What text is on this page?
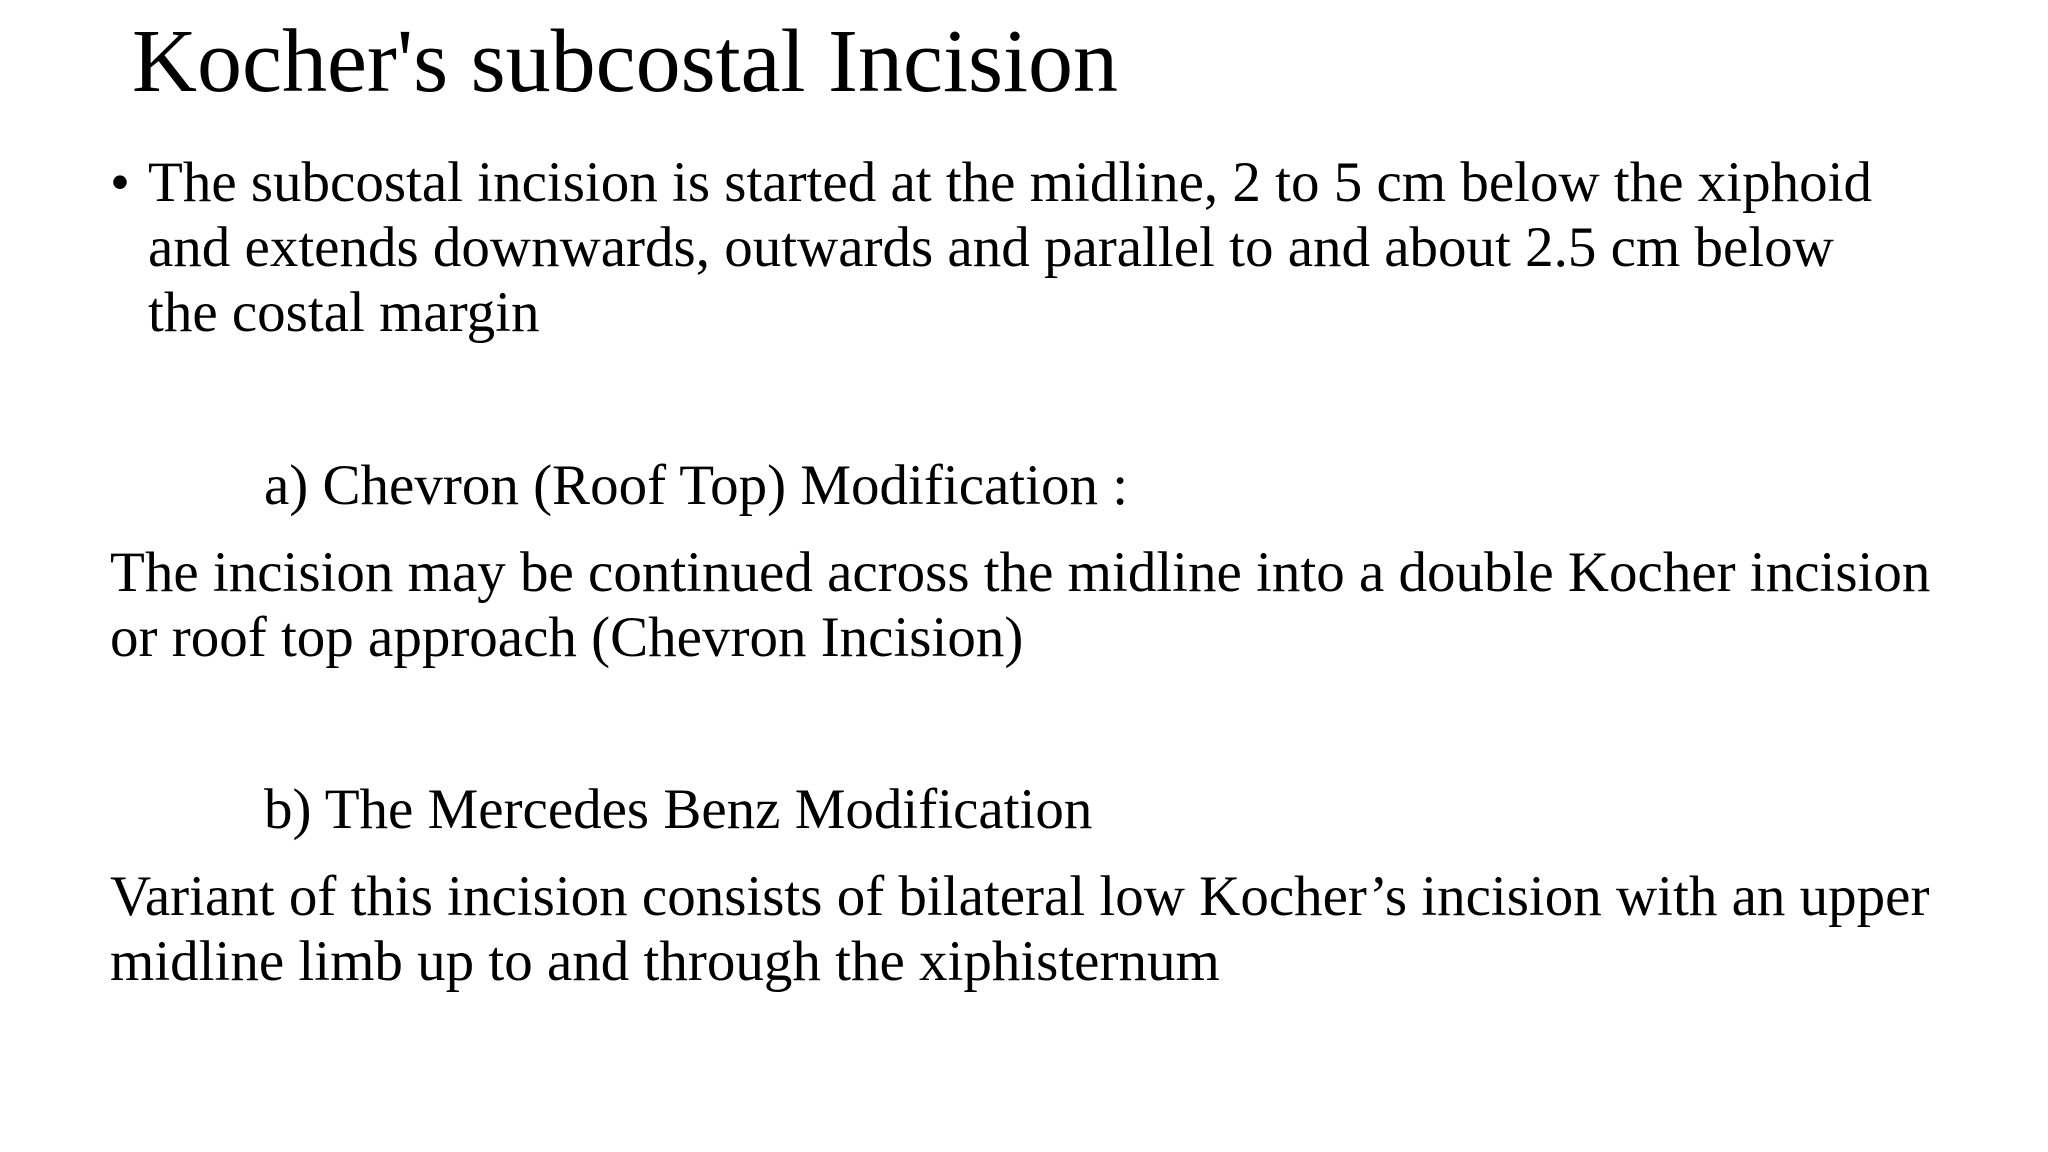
Kocher's subcostal Incision
• The subcostal incision is started at the midline, 2 to 5 cm below the xiphoid and extends downwards, outwards and parallel to and about 2.5 cm below the costal margin
a) Chevron (Roof Top) Modification :
The incision may be continued across the midline into a double Kocher incision or roof top approach (Chevron Incision)
b) The Mercedes Benz Modification
Variant of this incision consists of bilateral low Kocher’s incision with an upper midline limb up to and through the xiphisternum
